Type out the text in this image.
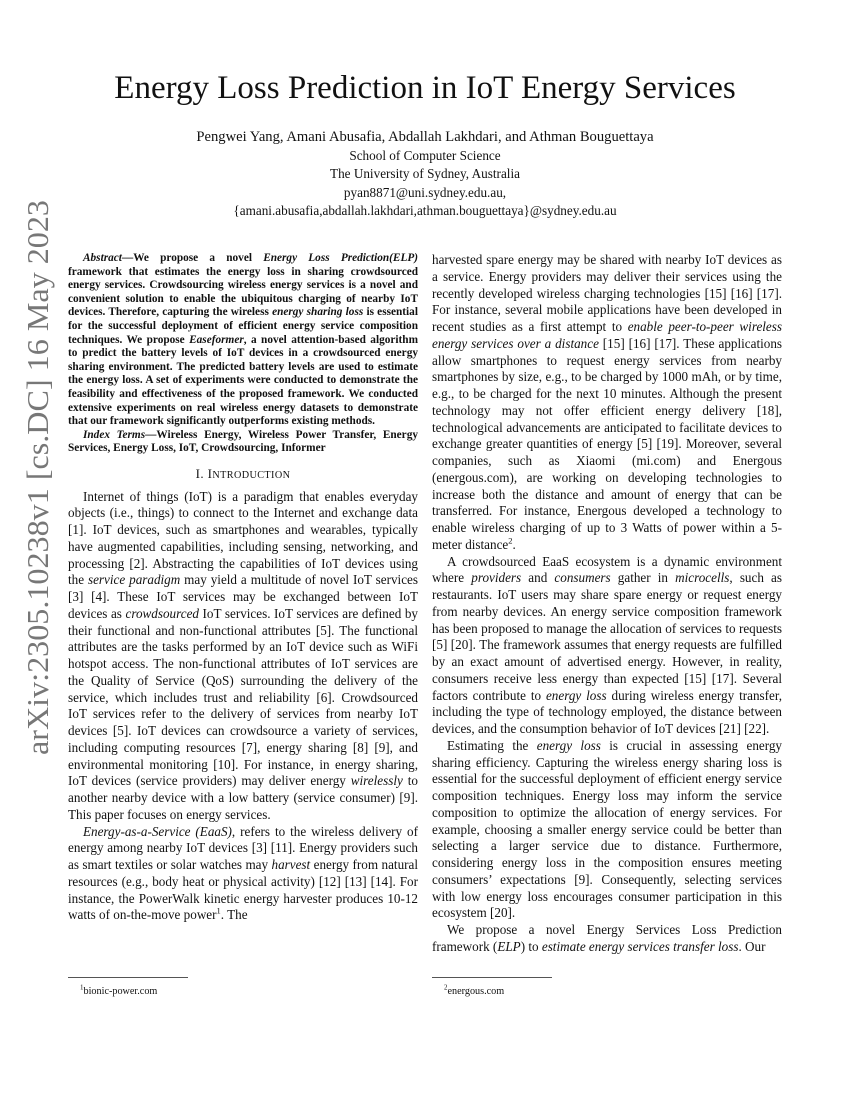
arXiv:2305.10238v1 [cs.DC] 16 May 2023
Energy Loss Prediction in IoT Energy Services
Pengwei Yang, Amani Abusafia, Abdallah Lakhdari, and Athman Bouguettaya
School of Computer Science
The University of Sydney, Australia
pyan8871@uni.sydney.edu.au,
{amani.abusafia,abdallah.lakhdari,athman.bouguettaya}@sydney.edu.au

Abstract—We propose a novel Energy Loss Prediction(ELP) framework that estimates the energy loss in sharing crowdsourced energy services. Crowdsourcing wireless energy services is a novel and convenient solution to enable the ubiquitous charging of nearby IoT devices. Therefore, capturing the wireless energy sharing loss is essential for the successful deployment of efficient energy service composition techniques. We propose Easeformer, a novel attention-based algorithm to predict the battery levels of IoT devices in a crowdsourced energy sharing environment. The predicted battery levels are used to estimate the energy loss. A set of experiments were conducted to demonstrate the feasibility and effectiveness of the proposed framework. We conducted extensive experiments on real wireless energy datasets to demonstrate that our framework significantly outperforms existing methods.

Index Terms—Wireless Energy, Wireless Power Transfer, Energy Services, Energy Loss, IoT, Crowdsourcing, Informer

I. INTRODUCTION

Internet of things (IoT) is a paradigm that enables everyday objects (i.e., things) to connect to the Internet and exchange data [1]. IoT devices, such as smartphones and wearables, typically have augmented capabilities, including sensing, networking, and processing [2]. Abstracting the capabilities of IoT devices using the service paradigm may yield a multitude of novel IoT services [3] [4]. These IoT services may be exchanged between IoT devices as crowdsourced IoT services. IoT services are defined by their functional and non-functional attributes [5]. The functional attributes are the tasks performed by an IoT device such as WiFi hotspot access. The non-functional attributes of IoT services are the Quality of Service (QoS) surrounding the delivery of the service, which includes trust and reliability [6]. Crowdsourced IoT services refer to the delivery of services from nearby IoT devices [5]. IoT devices can crowdsource a variety of services, including computing resources [7], energy sharing [8] [9], and environmental monitoring [10]. For instance, in energy sharing, IoT devices (service providers) may deliver energy wirelessly to another nearby device with a low battery (service consumer) [9]. This paper focuses on energy services.

Energy-as-a-Service (EaaS), refers to the wireless delivery of energy among nearby IoT devices [3] [11]. Energy providers such as smart textiles or solar watches may harvest energy from natural resources (e.g., body heat or physical activity) [12] [13] [14]. For instance, the PowerWalk kinetic energy harvester produces 10-12 watts of on-the-move power$^1$. The

harvested spare energy may be shared with nearby IoT devices as a service. Energy providers may deliver their services using the recently developed wireless charging technologies [15] [16] [17]. For instance, several mobile applications have been developed in recent studies as a first attempt to enable peer-to-peer wireless energy services over a distance [15] [16] [17]. These applications allow smartphones to request energy services from nearby smartphones by size, e.g., to be charged by 1000 mAh, or by time, e.g., to be charged for the next 10 minutes. Although the present technology may not offer efficient energy delivery [18], technological advancements are anticipated to facilitate devices to exchange greater quantities of energy [5] [19]. Moreover, several companies, such as Xiaomi (mi.com) and Energous (energous.com), are working on developing technologies to increase both the distance and amount of energy that can be transferred. For instance, Energous developed a technology to enable wireless charging of up to 3 Watts of power within a 5-meter distance$^2$.

A crowdsourced EaaS ecosystem is a dynamic environment where providers and consumers gather in microcells, such as restaurants. IoT users may share spare energy or request energy from nearby devices. An energy service composition framework has been proposed to manage the allocation of services to requests [5] [20]. The framework assumes that energy requests are fulfilled by an exact amount of advertised energy. However, in reality, consumers receive less energy than expected [15] [17]. Several factors contribute to energy loss during wireless energy transfer, including the type of technology employed, the distance between devices, and the consumption behavior of IoT devices [21] [22].

Estimating the energy loss is crucial in assessing energy sharing efficiency. Capturing the wireless energy sharing loss is essential for the successful deployment of efficient energy service composition techniques. Energy loss may inform the service composition to optimize the allocation of energy services. For example, choosing a smaller energy service could be better than selecting a larger service due to distance. Furthermore, considering energy loss in the composition ensures meeting consumers’ expectations [9]. Consequently, selecting services with low energy loss encourages consumer participation in this ecosystem [20].

We propose a novel Energy Services Loss Prediction framework (ELP) to estimate energy services transfer loss. Our

$^1$bionic-power.com	$^2$energous.com
